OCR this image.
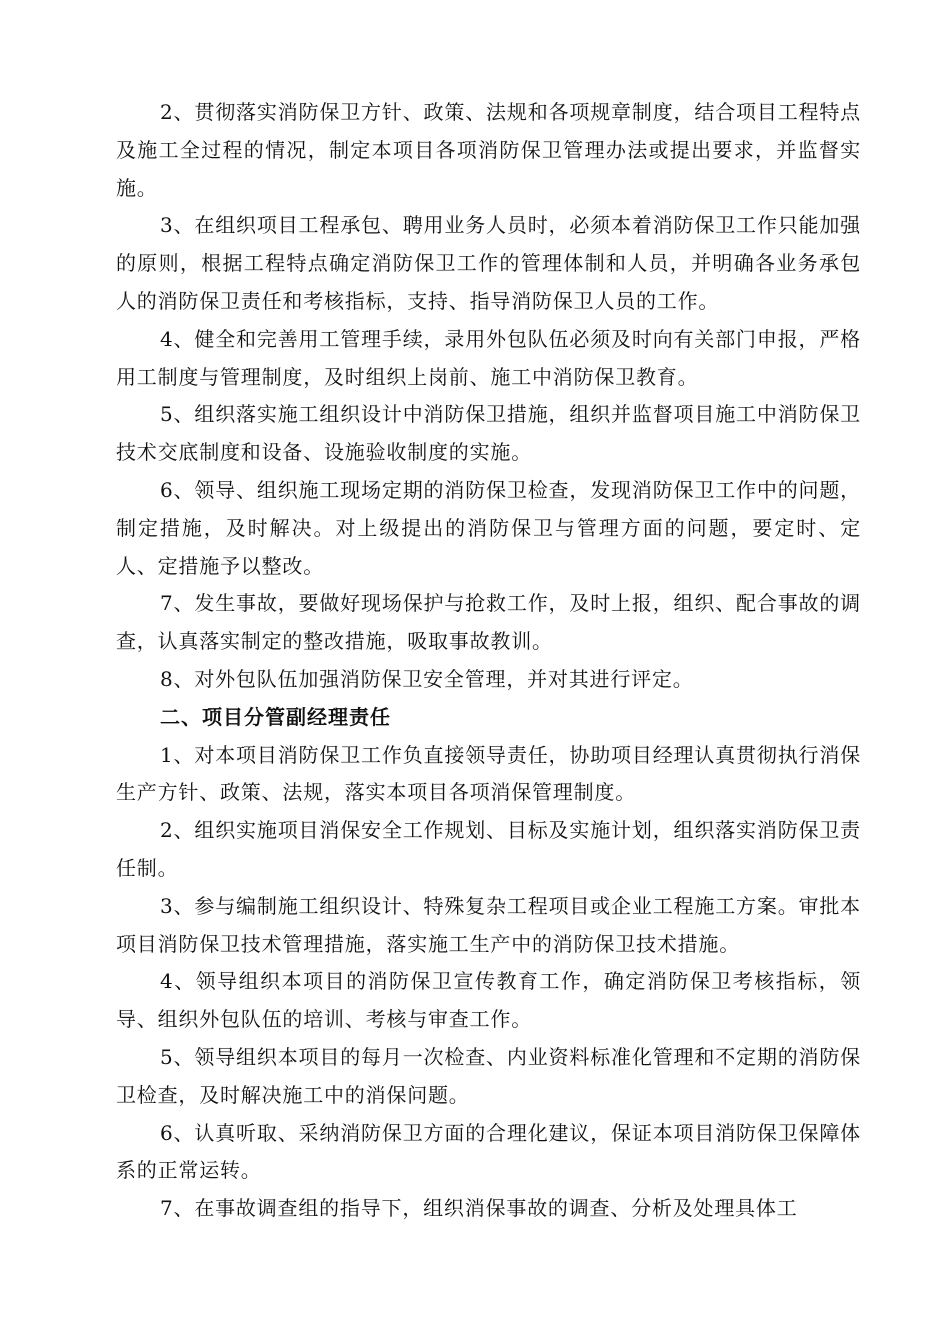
2、贯彻落实消防保卫方针、政策、法规和各项规章制度，结合项目工程特点及施工全过程的情况，制定本项目各项消防保卫管理办法或提出要求，并监督实施。

3、在组织项目工程承包、聘用业务人员时，必须本着消防保卫工作只能加强的原则，根据工程特点确定消防保卫工作的管理体制和人员，并明确各业务承包人的消防保卫责任和考核指标，支持、指导消防保卫人员的工作。

4、健全和完善用工管理手续，录用外包队伍必须及时向有关部门申报，严格用工制度与管理制度，及时组织上岗前、施工中消防保卫教育。

5、组织落实施工组织设计中消防保卫措施，组织并监督项目施工中消防保卫技术交底制度和设备、设施验收制度的实施。

6、领导、组织施工现场定期的消防保卫检查，发现消防保卫工作中的问题，制定措施，及时解决。对上级提出的消防保卫与管理方面的问题，要定时、定人、定措施予以整改。

7、发生事故，要做好现场保护与抢救工作，及时上报，组织、配合事故的调查，认真落实制定的整改措施，吸取事故教训。

8、对外包队伍加强消防保卫安全管理，并对其进行评定。

二、项目分管副经理责任

1、对本项目消防保卫工作负直接领导责任，协助项目经理认真贯彻执行消保生产方针、政策、法规，落实本项目各项消保管理制度。

2、组织实施项目消保安全工作规划、目标及实施计划，组织落实消防保卫责任制。

3、参与编制施工组织设计、特殊复杂工程项目或企业工程施工方案。审批本项目消防保卫技术管理措施，落实施工生产中的消防保卫技术措施。

4、领导组织本项目的消防保卫宣传教育工作，确定消防保卫考核指标，领导、组织外包队伍的培训、考核与审查工作。

5、领导组织本项目的每月一次检查、内业资料标准化管理和不定期的消防保卫检查，及时解决施工中的消保问题。

6、认真听取、采纳消防保卫方面的合理化建议，保证本项目消防保卫保障体系的正常运转。

7、在事故调查组的指导下，组织消保事故的调查、分析及处理具体工
